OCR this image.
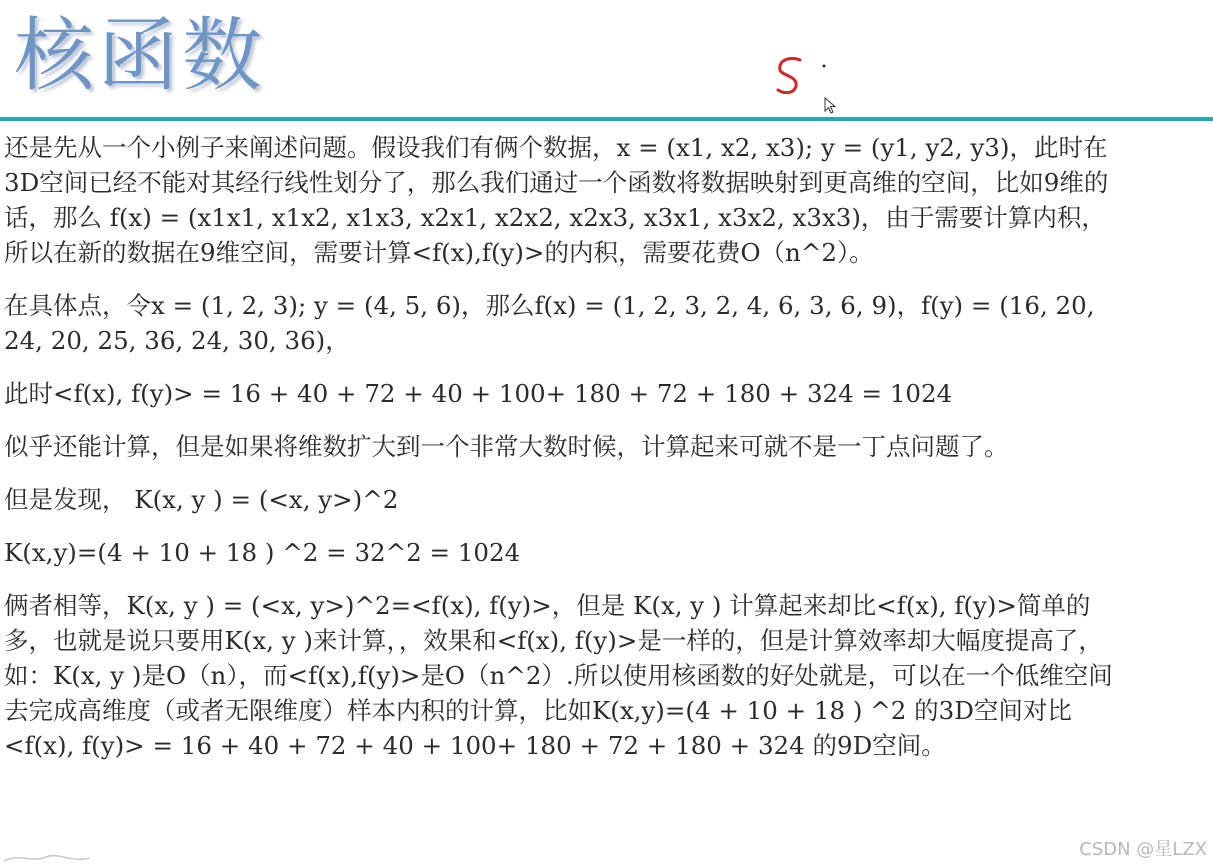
核函数

还是先从一个小例子来阐述问题。假设我们有俩个数据，x = (x1, x2, x3); y = (y1, y2, y3)，此时在3D空间已经不能对其经行线性划分了，那么我们通过一个函数将数据映射到更高维的空间，比如9维的话，那么 f(x) = (x1x1, x1x2, x1x3, x2x1, x2x2, x2x3, x3x1, x3x2, x3x3)，由于需要计算内积，所以在新的数据在9维空间，需要计算<f(x),f(y)>的内积，需要花费O（n^2）。

在具体点，令x = (1, 2, 3); y = (4, 5, 6)，那么f(x) = (1, 2, 3, 2, 4, 6, 3, 6, 9)，f(y) = (16, 20, 24, 20, 25, 36, 24, 30, 36)，

此时<f(x), f(y)> = 16 + 40 + 72 + 40 + 100+ 180 + 72 + 180 + 324 = 1024

似乎还能计算，但是如果将维数扩大到一个非常大数时候，计算起来可就不是一丁点问题了。

但是发现， K(x, y ) = (<x, y>)^2

K(x,y)=(4 + 10 + 18 ) ^2 = 32^2 = 1024

俩者相等，K(x, y ) = (<x, y>)^2=<f(x), f(y)>，但是 K(x, y ) 计算起来却比<f(x), f(y)>简单的多，也就是说只要用K(x, y )来计算，，效果和<f(x), f(y)>是一样的，但是计算效率却大幅度提高了，如：K(x, y )是O（n），而<f(x),f(y)>是O（n^2）.所以使用核函数的好处就是，可以在一个低维空间去完成高维度（或者无限维度）样本内积的计算，比如K(x,y)=(4 + 10 + 18 ) ^2 的3D空间对比<f(x), f(y)> = 16 + 40 + 72 + 40 + 100+ 180 + 72 + 180 + 324 的9D空间。

CSDN @星LZX
